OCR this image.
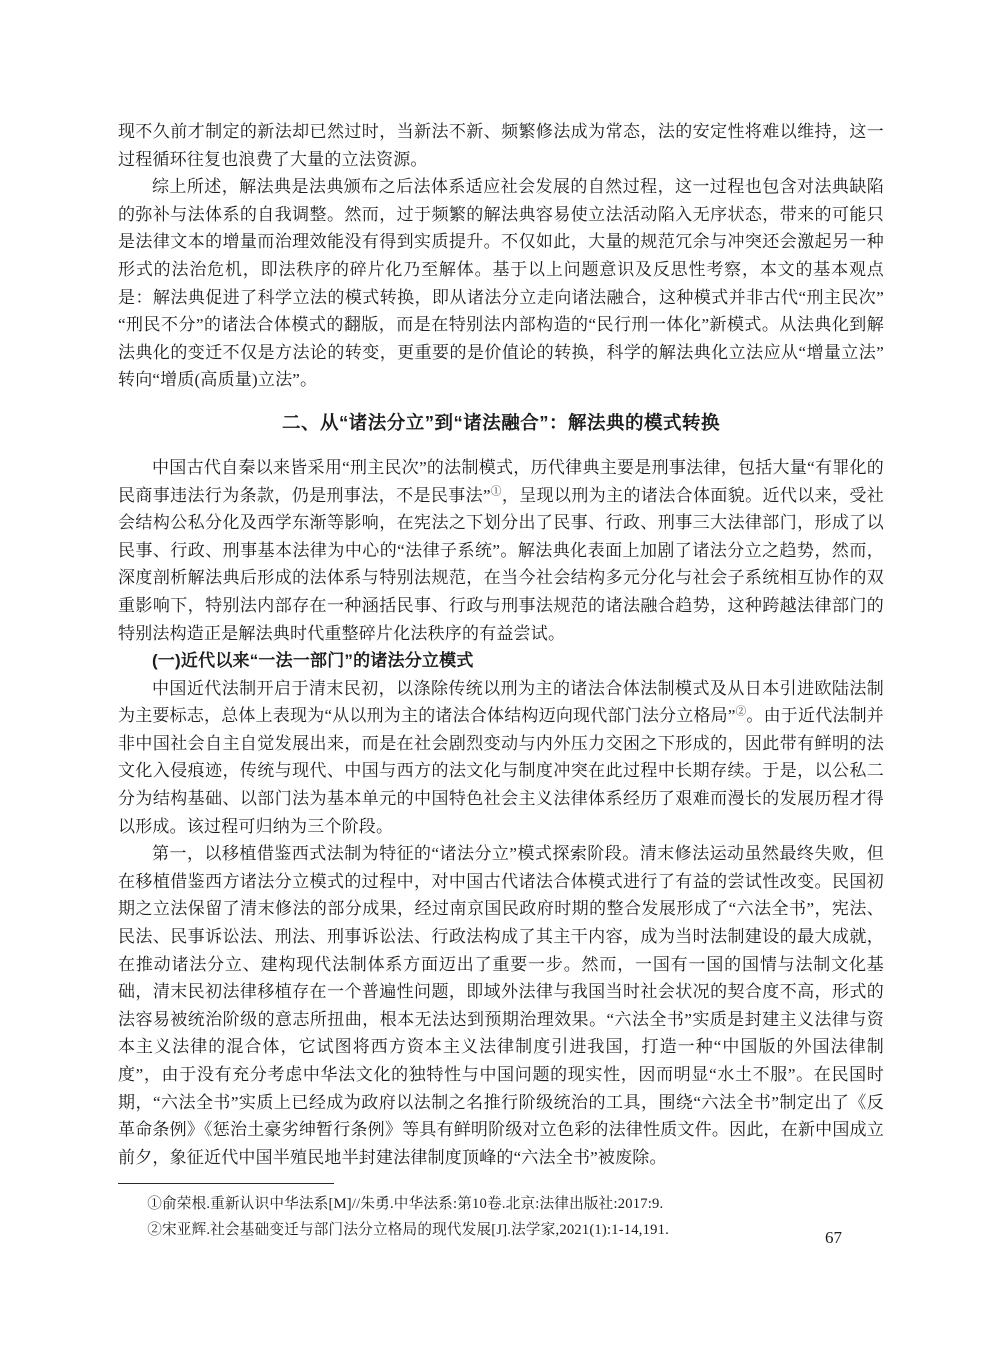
现不久前才制定的新法却已然过时，当新法不新、频繁修法成为常态，法的安定性将难以维持，这一过程循环往复也浪费了大量的立法资源。

综上所述，解法典是法典颁布之后法体系适应社会发展的自然过程，这一过程也包含对法典缺陷的弥补与法体系的自我调整。然而，过于频繁的解法典容易使立法活动陷入无序状态，带来的可能只是法律文本的增量而治理效能没有得到实质提升。不仅如此，大量的规范冗余与冲突还会激起另一种形式的法治危机，即法秩序的碎片化乃至解体。基于以上问题意识及反思性考察，本文的基本观点是：解法典促进了科学立法的模式转换，即从诸法分立走向诸法融合，这种模式并非古代“刑主民次”“刑民不分”的诸法合体模式的翻版，而是在特别法内部构造的“民行刑一体化”新模式。从法典化到解法典化的变迁不仅是方法论的转变，更重要的是价值论的转换，科学的解法典化立法应从“增量立法”转向“增质(高质量)立法”。

二、从“诸法分立”到“诸法融合”：解法典的模式转换

中国古代自秦以来皆采用“刑主民次”的法制模式，历代律典主要是刑事法律，包括大量“有罪化的民商事违法行为条款，仍是刑事法，不是民事法”①，呈现以刑为主的诸法合体面貌。近代以来，受社会结构公私分化及西学东渐等影响，在宪法之下划分出了民事、行政、刑事三大法律部门，形成了以民事、行政、刑事基本法律为中心的“法律子系统”。解法典化表面上加剧了诸法分立之趋势，然而，深度剖析解法典后形成的法体系与特别法规范，在当今社会结构多元分化与社会子系统相互协作的双重影响下，特别法内部存在一种涵括民事、行政与刑事法规范的诸法融合趋势，这种跨越法律部门的特别法构造正是解法典时代重整碎片化法秩序的有益尝试。

(一)近代以来“一法一部门”的诸法分立模式

中国近代法制开启于清末民初，以涤除传统以刑为主的诸法合体法制模式及从日本引进欧陆法制为主要标志，总体上表现为“从以刑为主的诸法合体结构迈向现代部门法分立格局”②。由于近代法制并非中国社会自主自觉发展出来，而是在社会剧烈变动与内外压力交困之下形成的，因此带有鲜明的法文化入侵痕迹，传统与现代、中国与西方的法文化与制度冲突在此过程中长期存续。于是，以公私二分为结构基础、以部门法为基本单元的中国特色社会主义法律体系经历了艰难而漫长的发展历程才得以形成。该过程可归纳为三个阶段。

第一，以移植借鉴西式法制为特征的“诸法分立”模式探索阶段。清末修法运动虽然最终失败，但在移植借鉴西方诸法分立模式的过程中，对中国古代诸法合体模式进行了有益的尝试性改变。民国初期之立法保留了清末修法的部分成果，经过南京国民政府时期的整合发展形成了“六法全书”，宪法、民法、民事诉讼法、刑法、刑事诉讼法、行政法构成了其主干内容，成为当时法制建设的最大成就，在推动诸法分立、建构现代法制体系方面迈出了重要一步。然而，一国有一国的国情与法制文化基础，清末民初法律移植存在一个普遍性问题，即域外法律与我国当时社会状况的契合度不高，形式的法容易被统治阶级的意志所扭曲，根本无法达到预期治理效果。“六法全书”实质是封建主义法律与资本主义法律的混合体，它试图将西方资本主义法律制度引进我国，打造一种“中国版的外国法律制度”，由于没有充分考虑中华法文化的独特性与中国问题的现实性，因而明显“水土不服”。在民国时期，“六法全书”实质上已经成为政府以法制之名推行阶级统治的工具，围绕“六法全书”制定出了《反革命条例》《惩治土豪劣绅暂行条例》等具有鲜明阶级对立色彩的法律性质文件。因此，在新中国成立前夕，象征近代中国半殖民地半封建法律制度顶峰的“六法全书”被废除。

①俞荣根.重新认识中华法系[M]//朱勇.中华法系:第10卷.北京:法律出版社:2017:9.

②宋亚辉.社会基础变迁与部门法分立格局的现代发展[J].法学家,2021(1):1-14,191.	67
